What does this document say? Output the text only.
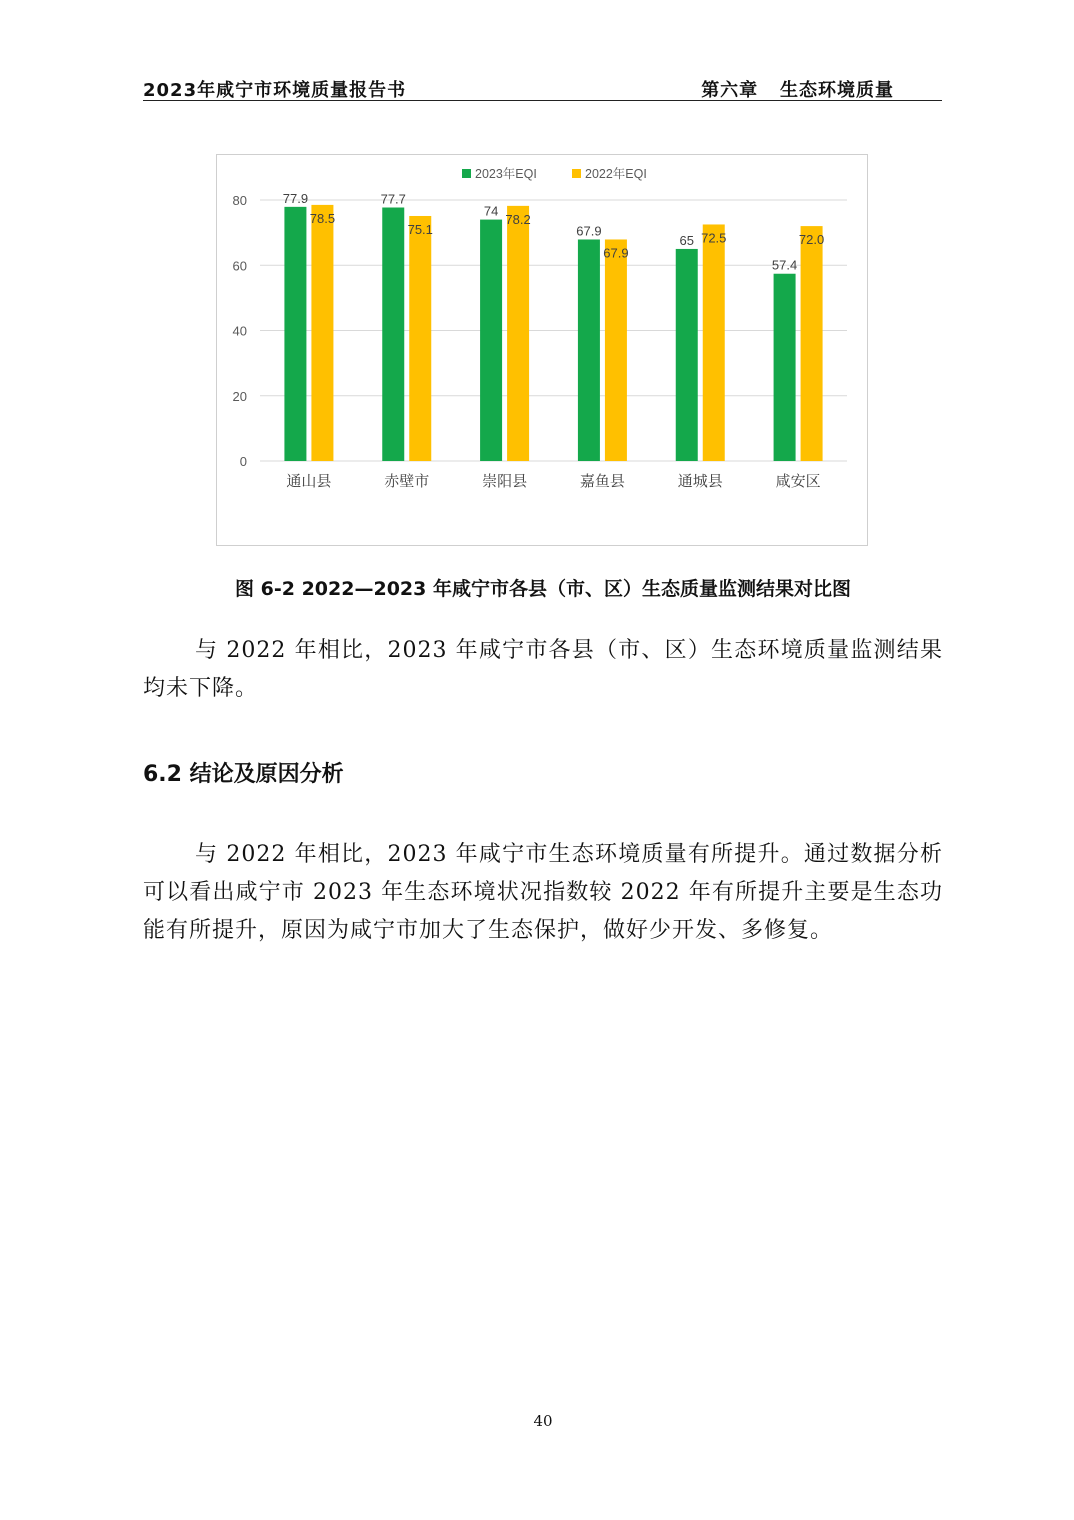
2023年咸宁市环境质量报告书	第六章   生态环境质量
0
20
40
60
80
2023年EQI	2022年EQI
77.9
78.5
通山县
77.7
75.1
赤壁市
74
78.2
崇阳县
67.9
67.9
嘉鱼县
65 72.5
通城县
57.4
72.0
咸安区
图 6-2 2022—2023 年咸宁市各县（市、区）生态质量监测结果对比图
与 2022 年相比，2023 年咸宁市各县（市、区）生态环境质量监测结果均未下降。
6.2 结论及原因分析
与 2022 年相比，2023 年咸宁市生态环境质量有所提升。通过数据分析可以看出咸宁市 2023 年生态环境状况指数较 2022 年有所提升主要是生态功能有所提升，原因为咸宁市加大了生态保护，做好少开发、多修复。
40
